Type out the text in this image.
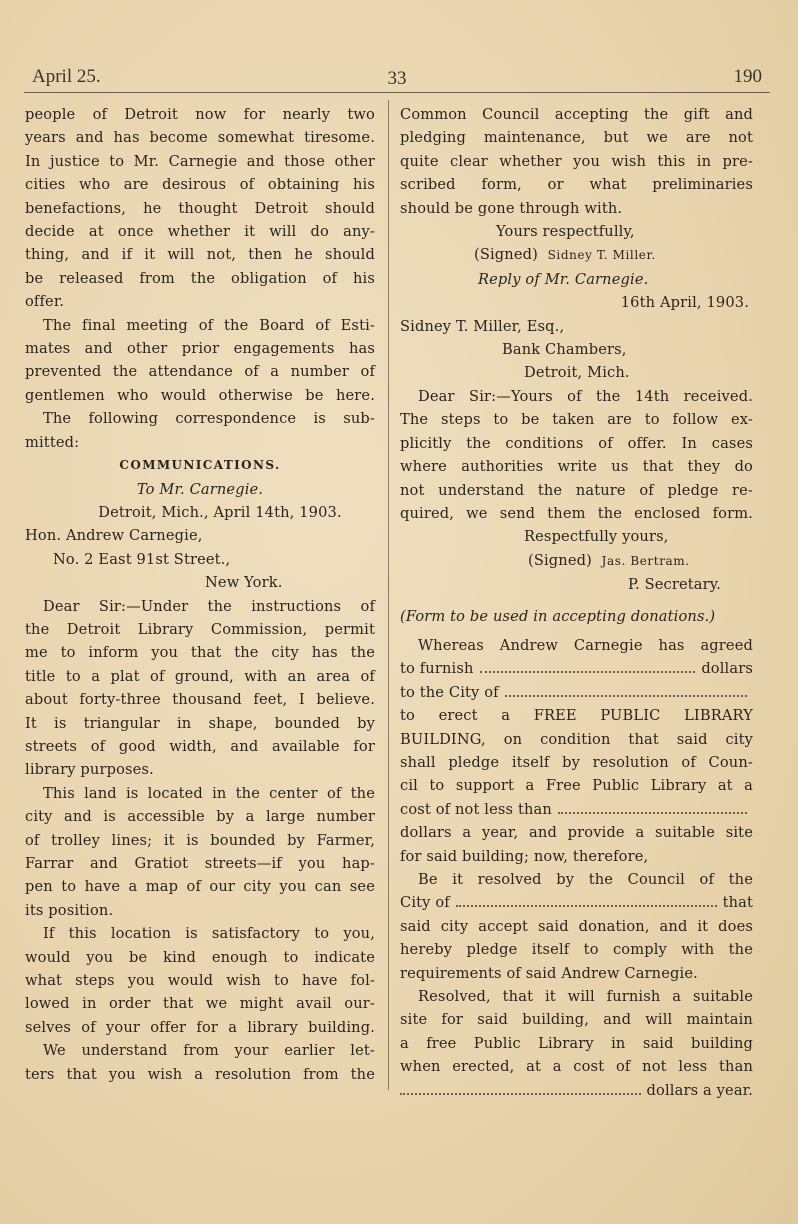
April 25.	33	190

people of Detroit now for nearly two

years and has become somewhat tiresome.

In justice to Mr. Carnegie and those other

cities who are desirous of obtaining his

benefactions, he thought Detroit should

decide at once whether it will do any-

thing, and if it will not, then he should

be released from the obligation of his

offer.

The final meeting of the Board of Esti-

mates and other prior engagements has

prevented the attendance of a number of

gentlemen who would otherwise be here.

The following correspondence is sub-

mitted:

COMMUNICATIONS.

To Mr. Carnegie.

Detroit, Mich., April 14th, 1903.

Hon. Andrew Carnegie,

No. 2 East 91st Street.,

New York.

Dear Sir:—Under the instructions of

the Detroit Library Commission, permit

me to inform you that the city has the

title to a plat of ground, with an area of

about forty-three thousand feet, I believe.

It is triangular in shape, bounded by

streets of good width, and available for

library purposes.

This land is located in the center of the

city and is accessible by a large number

of trolley lines; it is bounded by Farmer,

Farrar and Gratiot streets—if you hap-

pen to have a map of our city you can see

its position.

If this location is satisfactory to you,

would you be kind enough to indicate

what steps you would wish to have fol-

lowed in order that we might avail our-

selves of your offer for a library building.

We understand from your earlier let-

ters that you wish a resolution from the

Common Council accepting the gift and

pledging maintenance, but we are not

quite clear whether you wish this in pre-

scribed form, or what preliminaries

should be gone through with.

Yours respectfully,

(Signed) Sidney T. Miller.

Reply of Mr. Carnegie.

16th April, 1903.

Sidney T. Miller, Esq.,

Bank Chambers,

Detroit, Mich.

Dear Sir:—Yours of the 14th received.

The steps to be taken are to follow ex-

plicitly the conditions of offer. In cases

where authorities write us that they do

not understand the nature of pledge re-

quired, we send them the enclosed form.

Respectfully yours,

(Signed) Jas. Bertram.

P. Secretary.

(Form to be used in accepting donations.)

Whereas Andrew Carnegie has agreed

to furnish	dollars

to the City of

to erect a FREE PUBLIC LIBRARY

BUILDING, on condition that said city

shall pledge itself by resolution of Coun-

cil to support a Free Public Library at a

cost of not less than

dollars a year, and provide a suitable site

for said building; now, therefore,

Be it resolved by the Council of the

City of	that

said city accept said donation, and it does

hereby pledge itself to comply with the

requirements of said Andrew Carnegie.

Resolved, that it will furnish a suitable

site for said building, and will maintain

a free Public Library in said building

when erected, at a cost of not less than

dollars a year.
